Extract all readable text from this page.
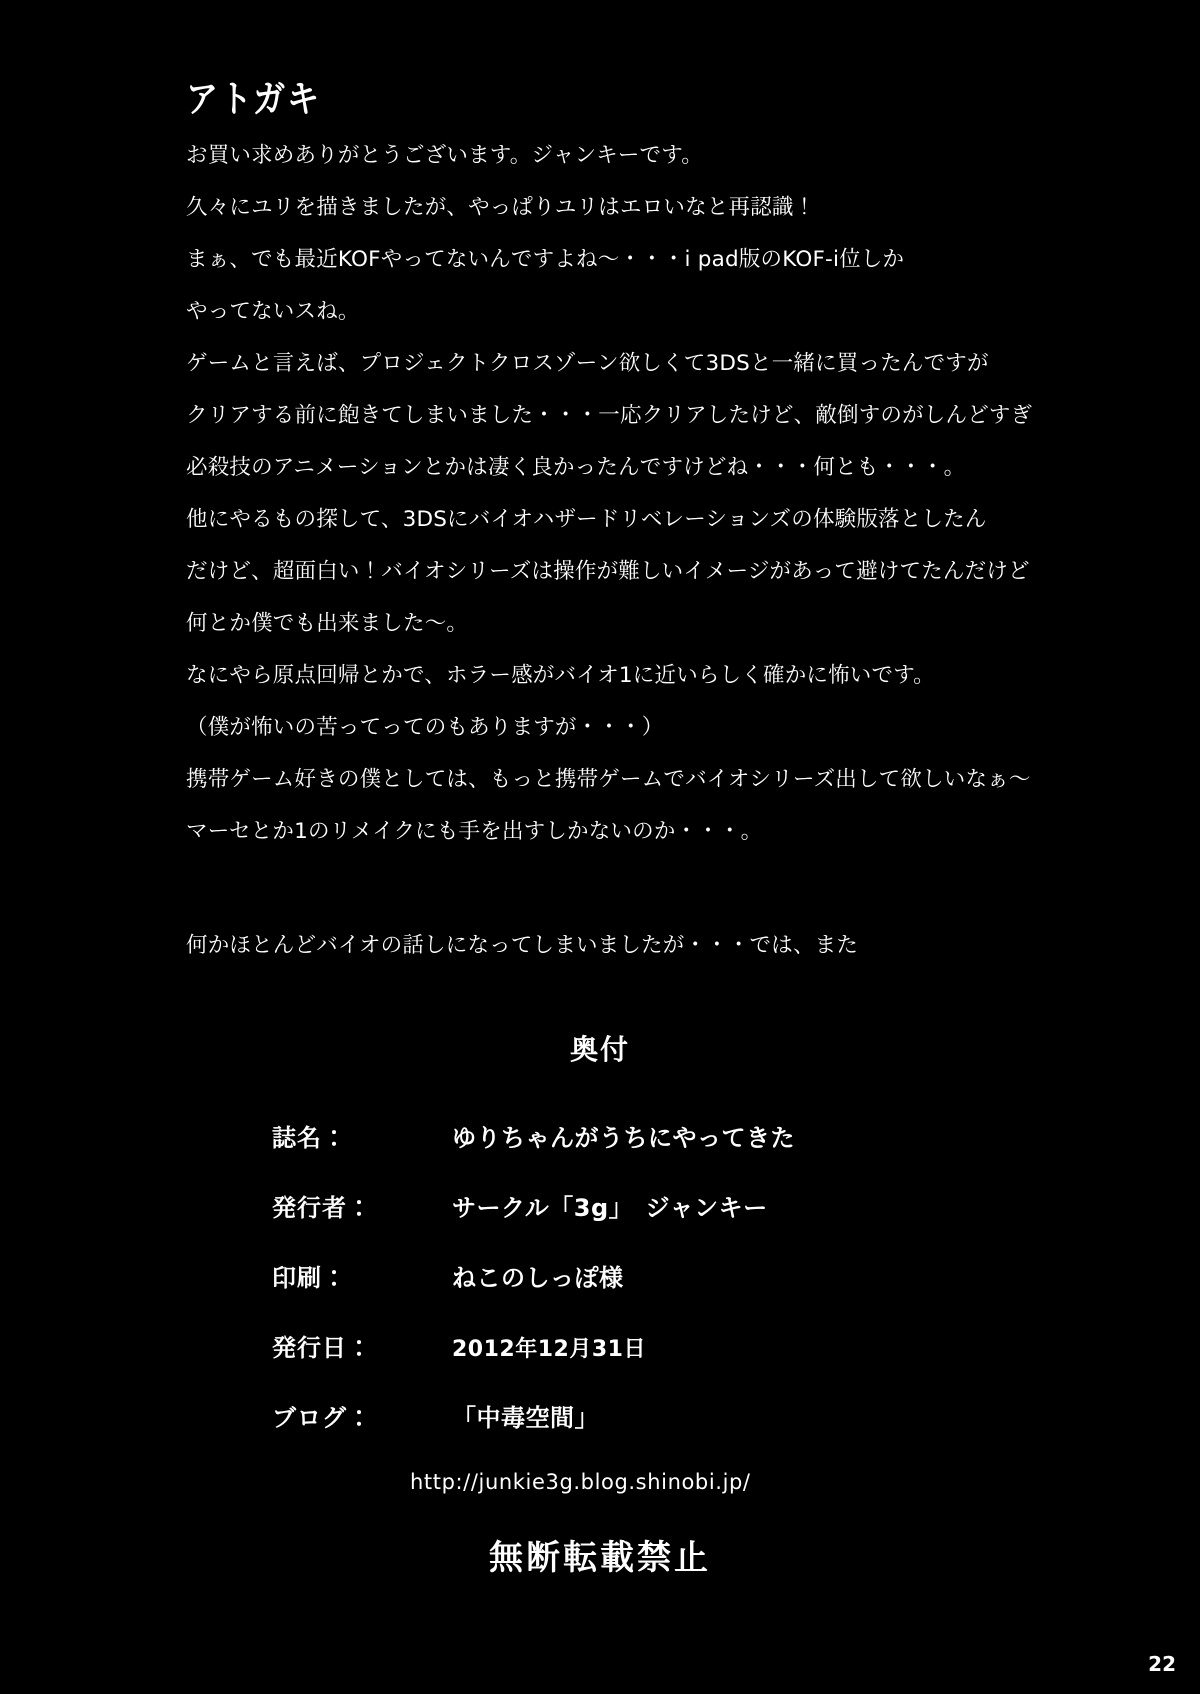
アトガキ
お買い求めありがとうございます。ジャンキーです。
久々にユリを描きましたが、やっぱりユリはエロいなと再認識！
まぁ、でも最近KOFやってないんですよね〜・・・i pad版のKOF-i位しか
やってないスね。
ゲームと言えば、プロジェクトクロスゾーン欲しくて3DSと一緒に買ったんですが
クリアする前に飽きてしまいました・・・一応クリアしたけど、敵倒すのがしんどすぎ
必殺技のアニメーションとかは凄く良かったんですけどね・・・何とも・・・。
他にやるもの探して、3DSにバイオハザードリベレーションズの体験版落としたん
だけど、超面白い！バイオシリーズは操作が難しいイメージがあって避けてたんだけど
何とか僕でも出来ました〜。
なにやら原点回帰とかで、ホラー感がバイオ1に近いらしく確かに怖いです。
（僕が怖いの苦ってってのもありますが・・・）
携帯ゲーム好きの僕としては、もっと携帯ゲームでバイオシリーズ出して欲しいなぁ〜
マーセとか1のリメイクにも手を出すしかないのか・・・。
何かほとんどバイオの話しになってしまいましたが・・・では、また
奥付
誌名：	ゆりちゃんがうちにやってきた
発行者：	サークル「3g」　ジャンキー
印刷：	ねこのしっぽ様
発行日：	2012年12月31日
ブログ：	「中毒空間」
http://junkie3g.blog.shinobi.jp/
無断転載禁止
22
